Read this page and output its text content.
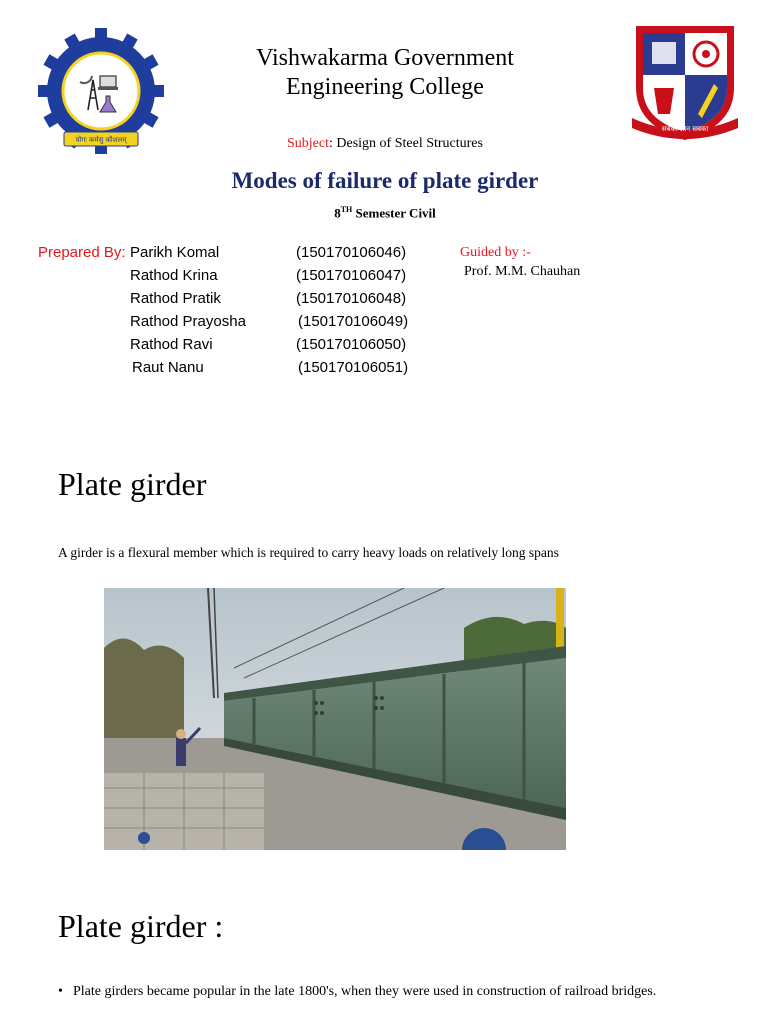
योगः कर्मसु कौशलम्
Vishwakarma Government
Engineering College
सबका ज्ञान सबका
Subject: Design of Steel Structures
Modes of failure of plate girder
8TH Semester Civil
Prepared By: Parikh Komal	(150170106046)
Rathod Krina	(150170106047)
Rathod Pratik	(150170106048)
Rathod Prayosha	(150170106049)
Rathod Ravi	(150170106050)
Raut Nanu	(150170106051)
Guided by :-
Prof. M.M. Chauhan
Plate girder
A girder is a flexural member which is required to carry heavy loads on relatively long spans
Plate girder :
• Plate girders became popular in the late 1800's, when they were used in construction of railroad bridges.
